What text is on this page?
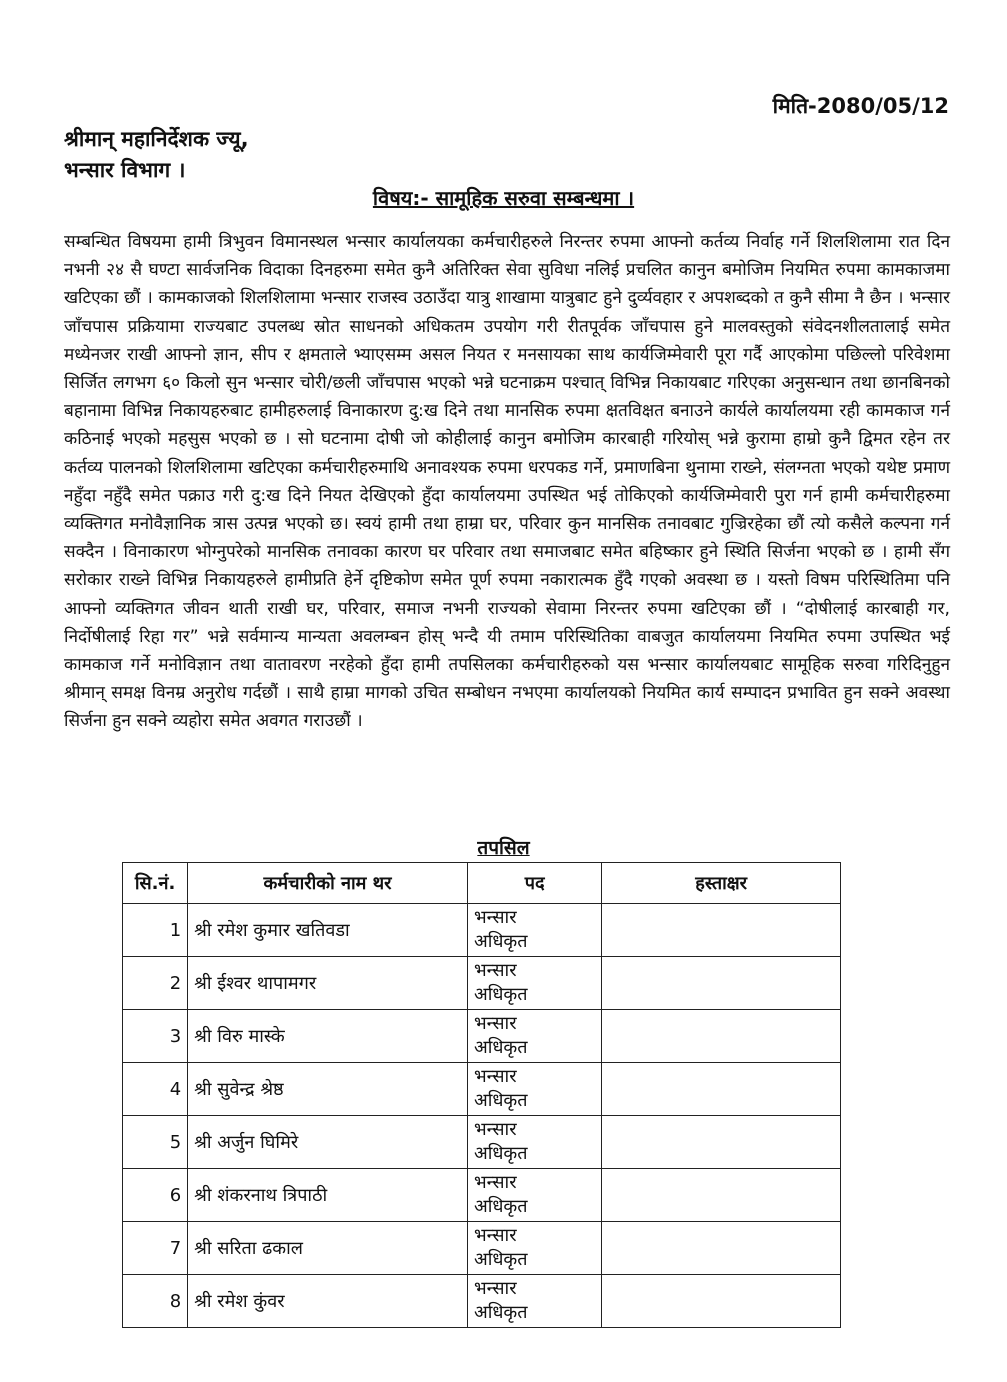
मिति-2080/05/12
श्रीमान् महानिर्देशक ज्यू,
भन्सार विभाग ।
विषय:- सामूहिक सरुवा सम्बन्धमा ।
सम्बन्धित विषयमा हामी त्रिभुवन विमानस्थल भन्सार कार्यालयका कर्मचारीहरुले निरन्तर रुपमा आफ्नो कर्तव्य निर्वाह गर्ने शिलशिलामा रात दिन नभनी २४ सै घण्टा सार्वजनिक विदाका दिनहरुमा समेत कुनै अतिरिक्त सेवा सुविधा नलिई प्रचलित कानुन बमोजिम नियमित रुपमा कामकाजमा खटिएका छौं । कामकाजको शिलशिलामा भन्सार राजस्व उठाउँदा यात्रु शाखामा यात्रुबाट हुने दुर्व्यवहार र अपशब्दको त कुनै सीमा नै छैन । भन्सार जाँचपास प्रक्रियामा राज्यबाट उपलब्ध स्रोत साधनको अधिकतम उपयोग गरी रीतपूर्वक जाँचपास हुने मालवस्तुको संवेदनशीलतालाई समेत मध्येनजर राखी आफ्नो ज्ञान, सीप र क्षमताले भ्याएसम्म असल नियत र मनसायका साथ कार्यजिम्मेवारी पूरा गर्दै आएकोमा पछिल्लो परिवेशमा सिर्जित लगभग ६० किलो सुन भन्सार चोरी/छली जाँचपास भएको भन्ने घटनाक्रम पश्चात् विभिन्न निकायबाट गरिएका अनुसन्धान तथा छानबिनको बहानामा विभिन्न निकायहरुबाट हामीहरुलाई विनाकारण दु:ख दिने तथा मानसिक रुपमा क्षतविक्षत बनाउने कार्यले कार्यालयमा रही कामकाज गर्न कठिनाई भएको महसुस भएको छ । सो घटनामा दोषी जो कोहीलाई कानुन बमोजिम कारबाही गरियोस् भन्ने कुरामा हाम्रो कुनै द्विमत रहेन तर कर्तव्य पालनको शिलशिलामा खटिएका कर्मचारीहरुमाथि अनावश्यक रुपमा धरपकड गर्ने, प्रमाणबिना थुनामा राख्ने, संलग्नता भएको यथेष्ट प्रमाण नहुँदा नहुँदै समेत पक्राउ गरी दु:ख दिने नियत देखिएको हुँदा कार्यालयमा उपस्थित भई तोकिएको कार्यजिम्मेवारी पुरा गर्न हामी कर्मचारीहरुमा व्यक्तिगत मनोवैज्ञानिक त्रास उत्पन्न भएको छ। स्वयं हामी तथा हाम्रा घर, परिवार कुन मानसिक तनावबाट गुज्रिरहेका छौं त्यो कसैले कल्पना गर्न सक्दैन । विनाकारण भोग्नुपरेको मानसिक तनावका कारण घर परिवार तथा समाजबाट समेत बहिष्कार हुने स्थिति सिर्जना भएको छ । हामी सँग सरोकार राख्ने विभिन्न निकायहरुले हामीप्रति हेर्ने दृष्टिकोण समेत पूर्ण रुपमा नकारात्मक हुँदै गएको अवस्था छ । यस्तो विषम परिस्थितिमा पनि आफ्नो व्यक्तिगत जीवन थाती राखी घर, परिवार, समाज नभनी राज्यको सेवामा निरन्तर रुपमा खटिएका छौं । “दोषीलाई कारबाही गर, निर्दोषीलाई रिहा गर” भन्ने सर्वमान्य मान्यता अवलम्बन होस् भन्दै यी तमाम परिस्थितिका वाबजुत कार्यालयमा नियमित रुपमा उपस्थित भई कामकाज गर्ने मनोविज्ञान तथा वातावरण नरहेको हुँदा हामी तपसिलका कर्मचारीहरुको यस भन्सार कार्यालयबाट सामूहिक सरुवा गरिदिनुहुन श्रीमान् समक्ष विनम्र अनुरोध गर्दछौं । साथै हाम्रा मागको उचित सम्बोधन नभएमा कार्यालयको नियमित कार्य सम्पादन प्रभावित हुन सक्ने अवस्था सिर्जना हुन सक्ने व्यहोरा समेत अवगत गराउछौं ।
तपसिल
सि.नं.	कर्मचारीको नाम थर	पद	हस्ताक्षर
1	श्री रमेश कुमार खतिवडा	भन्सार
अधिकृत	

2	श्री ईश्वर थापामगर	भन्सार
अधिकृत	

3	श्री विरु मास्के	भन्सार
अधिकृत	

4	श्री सुवेन्द्र श्रेष्ठ	भन्सार
अधिकृत	

5	श्री अर्जुन घिमिरे	भन्सार
अधिकृत	

6	श्री शंकरनाथ त्रिपाठी	भन्सार
अधिकृत	

7	श्री सरिता ढकाल	भन्सार
अधिकृत	

8	श्री रमेश कुंवर	भन्सार
अधिकृत	
